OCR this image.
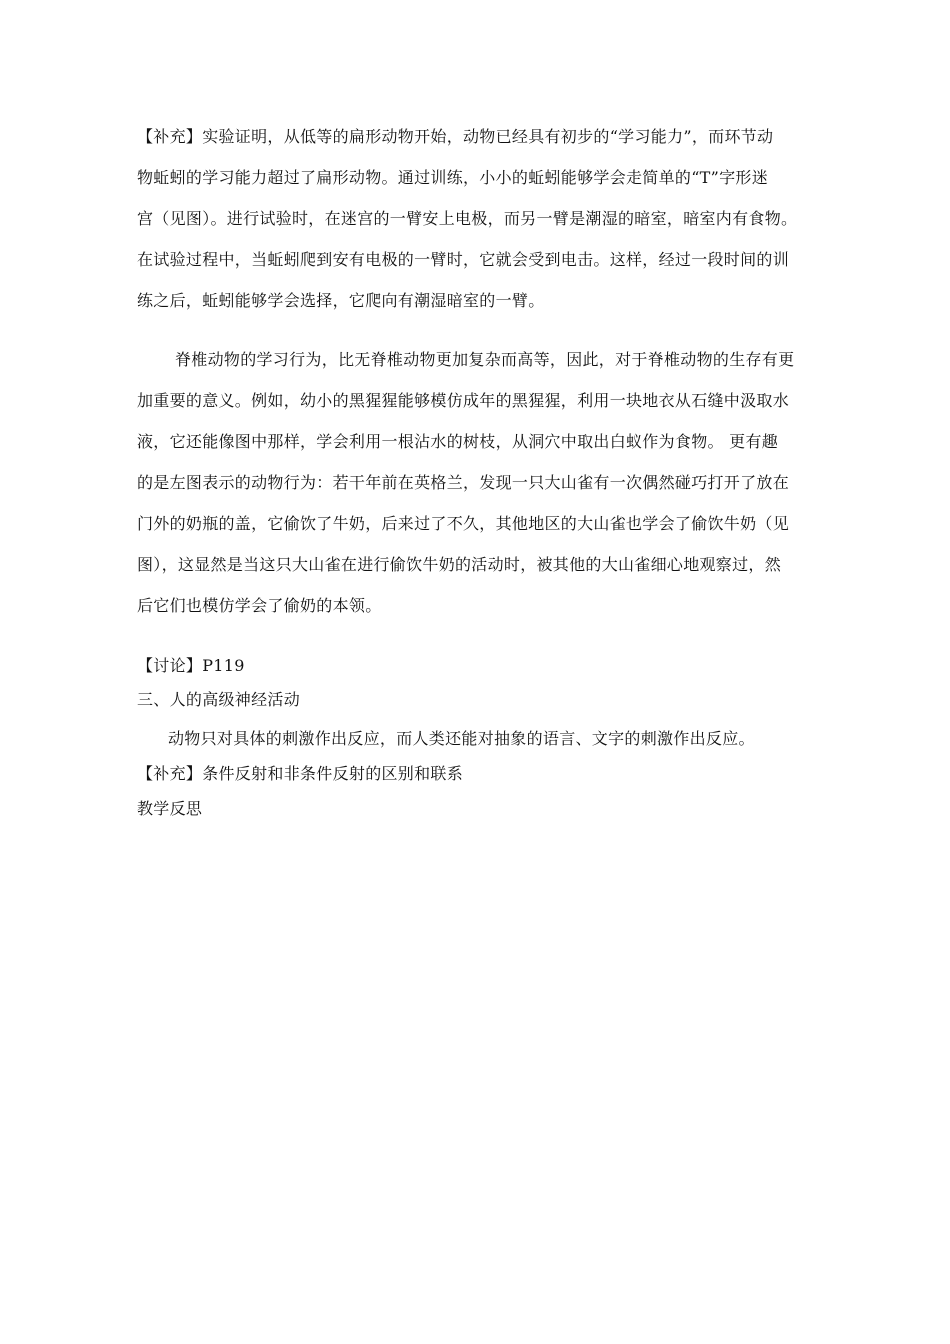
【补充】实验证明，从低等的扁形动物开始，动物已经具有初步的“学习能力”，而环节动
物蚯蚓的学习能力超过了扁形动物。通过训练，小小的蚯蚓能够学会走简单的“T”字形迷
宫（见图）。进行试验时，在迷宫的一臂安上电极，而另一臂是潮湿的暗室，暗室内有食物。
在试验过程中，当蚯蚓爬到安有电极的一臂时，它就会受到电击。这样，经过一段时间的训
练之后，蚯蚓能够学会选择，它爬向有潮湿暗室的一臂。
脊椎动物的学习行为，比无脊椎动物更加复杂而高等，因此，对于脊椎动物的生存有更
加重要的意义。例如，幼小的黑猩猩能够模仿成年的黑猩猩，利用一块地衣从石缝中汲取水
液，它还能像图中那样，学会利用一根沾水的树枝，从洞穴中取出白蚁作为食物。 更有趣
的是左图表示的动物行为：若干年前在英格兰，发现一只大山雀有一次偶然碰巧打开了放在
门外的奶瓶的盖，它偷饮了牛奶，后来过了不久，其他地区的大山雀也学会了偷饮牛奶（见
图），这显然是当这只大山雀在进行偷饮牛奶的活动时，被其他的大山雀细心地观察过，然
后它们也模仿学会了偷奶的本领。
【讨论】P119
三、人的高级神经活动
动物只对具体的刺激作出反应，而人类还能对抽象的语言、文字的刺激作出反应。
【补充】条件反射和非条件反射的区别和联系
教学反思
